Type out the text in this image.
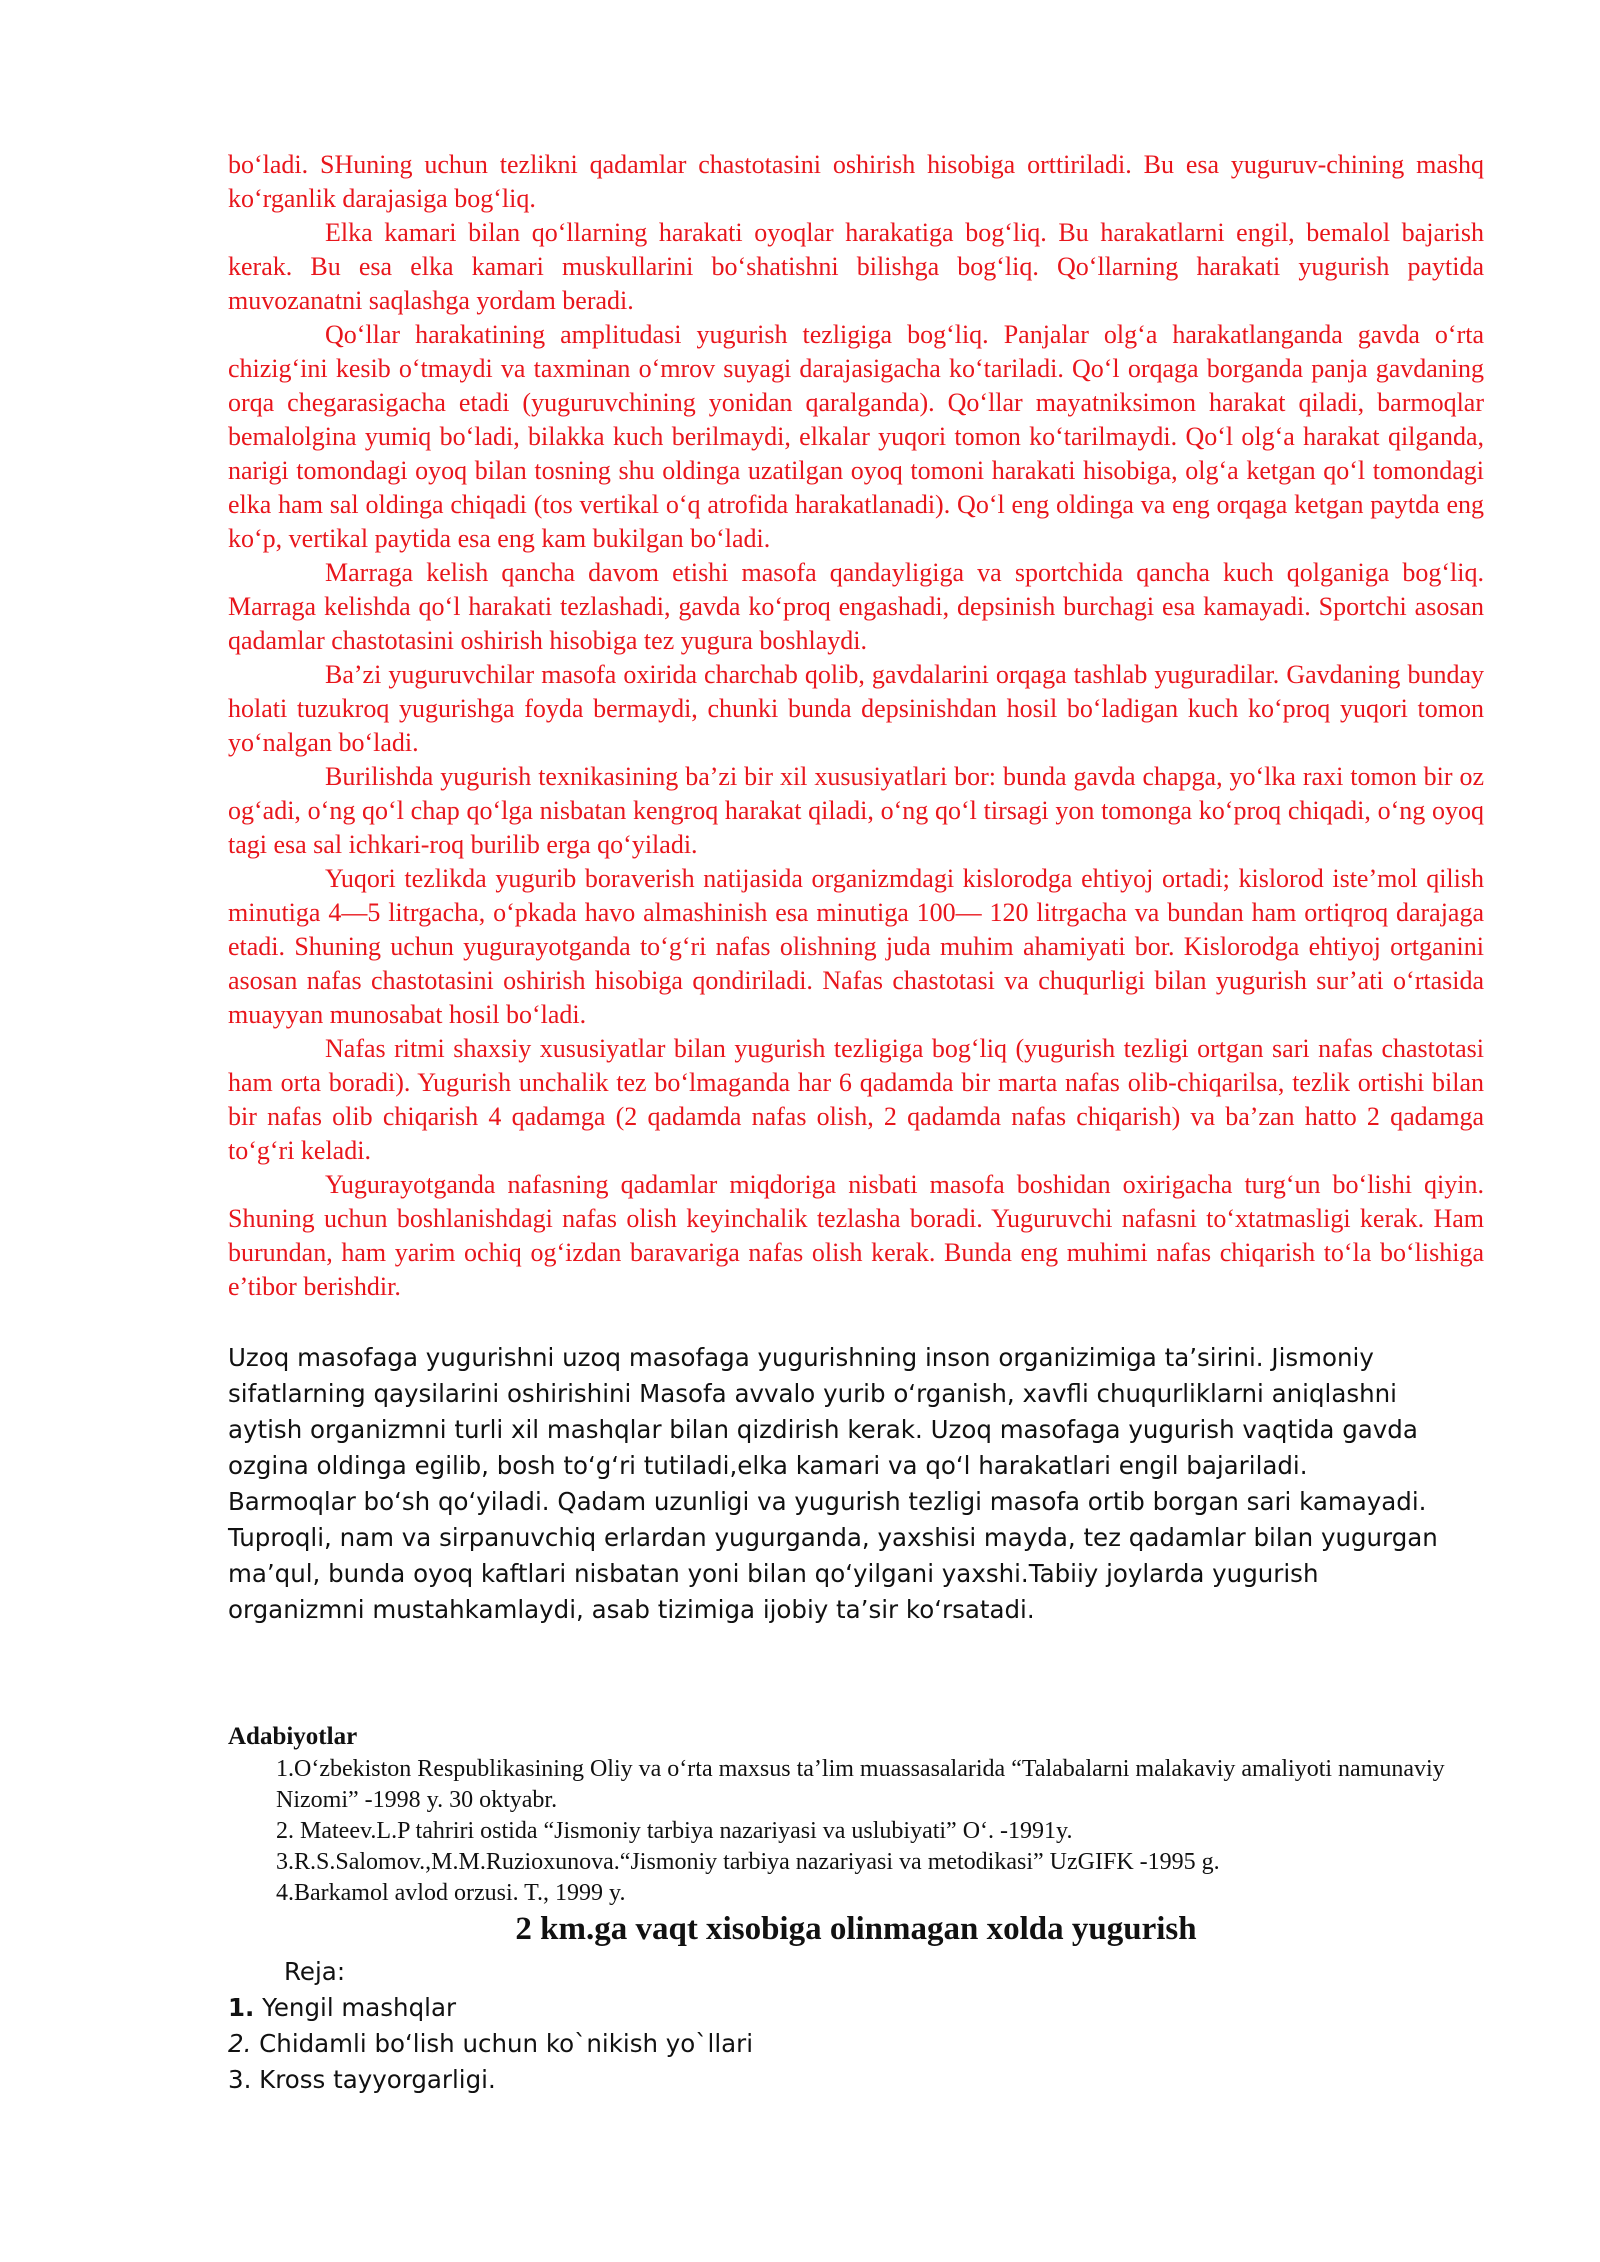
bo‘ladi. SHuning uchun tezlikni qadamlar chastotasini oshirish hisobiga orttiriladi. Bu esa yuguruv-chining mashq ko‘rganlik darajasiga bog‘liq.

Elka kamari bilan qo‘llarning harakati oyoqlar harakatiga bog‘liq. Bu harakatlarni engil, bemalol bajarish kerak. Bu esa elka kamari muskullarini bo‘shatishni bilishga bog‘liq. Qo‘llarning harakati yugurish paytida muvozanatni saqlashga yordam beradi.

Qo‘llar harakatining amplitudasi yugurish tezligiga bog‘liq. Panjalar olg‘a harakatlanganda gavda o‘rta chizig‘ini kesib o‘tmaydi va taxminan o‘mrov suyagi darajasigacha ko‘tariladi. Qo‘l orqaga borganda panja gavdaning orqa chegarasigacha etadi (yuguruvchining yonidan qaralganda). Qo‘llar mayatniksimon harakat qiladi, barmoqlar bemalolgina yumiq bo‘ladi, bilakka kuch berilmaydi, elkalar yuqori tomon ko‘tarilmaydi. Qo‘l olg‘a harakat qilganda, narigi tomondagi oyoq bilan tosning shu oldinga uzatilgan oyoq tomoni harakati hisobiga, olg‘a ketgan qo‘l tomondagi elka ham sal oldinga chiqadi (tos vertikal o‘q atrofida harakatlanadi). Qo‘l eng oldinga va eng orqaga ketgan paytda eng ko‘p, vertikal paytida esa eng kam bukilgan bo‘ladi.

Marraga kelish qancha davom etishi masofa qandayligiga va sportchida qancha kuch qolganiga bog‘liq. Marraga kelishda qo‘l harakati tezlashadi, gavda ko‘proq engashadi, depsinish burchagi esa kamayadi. Sportchi asosan qadamlar chastotasini oshirish hisobiga tez yugura boshlaydi.

Ba’zi yuguruvchilar masofa oxirida charchab qolib, gavdalarini orqaga tashlab yuguradilar. Gavdaning bunday holati tuzukroq yugurishga foyda bermaydi, chunki bunda depsinishdan hosil bo‘ladigan kuch ko‘proq yuqori tomon yo‘nalgan bo‘ladi.

Burilishda yugurish texnikasining ba’zi bir xil xususiyatlari bor: bunda gavda chapga, yo‘lka raxi tomon bir oz og‘adi, o‘ng qo‘l chap qo‘lga nisbatan kengroq harakat qiladi, o‘ng qo‘l tirsagi yon tomonga ko‘proq chiqadi, o‘ng oyoq tagi esa sal ichkari-roq burilib erga qo‘yiladi.

Yuqori tezlikda yugurib boraverish natijasida organizmdagi kislorodga ehtiyoj ortadi; kislorod iste’mol qilish minutiga 4—5 litrgacha, o‘pkada havo almashinish esa minutiga 100— 120 litrgacha va bundan ham ortiqroq darajaga etadi. Shuning uchun yugurayotganda to‘g‘ri nafas olishning juda muhim ahamiyati bor. Kislorodga ehtiyoj ortganini asosan nafas chastotasini oshirish hisobiga qondiriladi. Nafas chastotasi va chuqurligi bilan yugurish sur’ati o‘rtasida muayyan munosabat hosil bo‘ladi.

Nafas ritmi shaxsiy xususiyatlar bilan yugurish tezligiga bog‘liq (yugurish tezligi ortgan sari nafas chastotasi ham orta boradi). Yugurish unchalik tez bo‘lmaganda har 6 qadamda bir marta nafas olib-chiqarilsa, tezlik ortishi bilan bir nafas olib chiqarish 4 qadamga (2 qadamda nafas olish, 2 qadamda nafas chiqarish) va ba’zan hatto 2 qadamga to‘g‘ri keladi.

Yugurayotganda nafasning qadamlar miqdoriga nisbati masofa boshidan oxirigacha turg‘un bo‘lishi qiyin. Shuning uchun boshlanishdagi nafas olish keyinchalik tezlasha boradi. Yuguruvchi nafasni to‘xtatmasligi kerak. Ham burundan, ham yarim ochiq og‘izdan baravariga nafas olish kerak. Bunda eng muhimi nafas chiqarish to‘la bo‘lishiga e’tibor berishdir.

Uzoq masofaga yugurishni uzoq masofaga yugurishning inson organizimiga ta’sirini. Jismoniy

sifatlarning qaysilarini oshirishini Masofa avvalo yurib o‘rganish, xavfli chuqurliklarni aniqlashni

aytish organizmni turli xil mashqlar bilan qizdirish kerak. Uzoq masofaga yugurish vaqtida gavda

ozgina oldinga egilib, bosh to‘g‘ri tutiladi,elka kamari va qo‘l harakatlari engil bajariladi.

Barmoqlar bo‘sh qo‘yiladi. Qadam uzunligi va yugurish tezligi masofa ortib borgan sari kamayadi.

Tuproqli, nam va sirpanuvchiq erlardan yugurganda, yaxshisi mayda, tez qadamlar bilan yugurgan

ma’qul, bunda oyoq kaftlari nisbatan yoni bilan qo‘yilgani yaxshi.Tabiiy joylarda yugurish

organizmni mustahkamlaydi, asab tizimiga ijobiy ta’sir ko‘rsatadi.

Adabiyotlar

1.O‘zbekiston Respublikasining Oliy va o‘rta maxsus ta’lim muassasalarida “Talabalarni malakaviy amaliyoti namunaviy Nizomi” -1998 y. 30 oktyabr.
2. Mateev.L.P tahriri ostida “Jismoniy tarbiya nazariyasi va uslubiyati” O‘. -1991y.
3.R.S.Salomov.,M.M.Ruzioxunova.“Jismoniy tarbiya nazariyasi va metodikasi” UzGIFK -1995 g.
4.Barkamol avlod orzusi. T., 1999 y.
2 km.ga vaqt xisobiga olinmagan xolda yugurish

Reja:

1. Yengil mashqlar
2. Chidamli bo‘lish uchun ko`nikish yo`llari
3. Kross tayyorgarligi.
